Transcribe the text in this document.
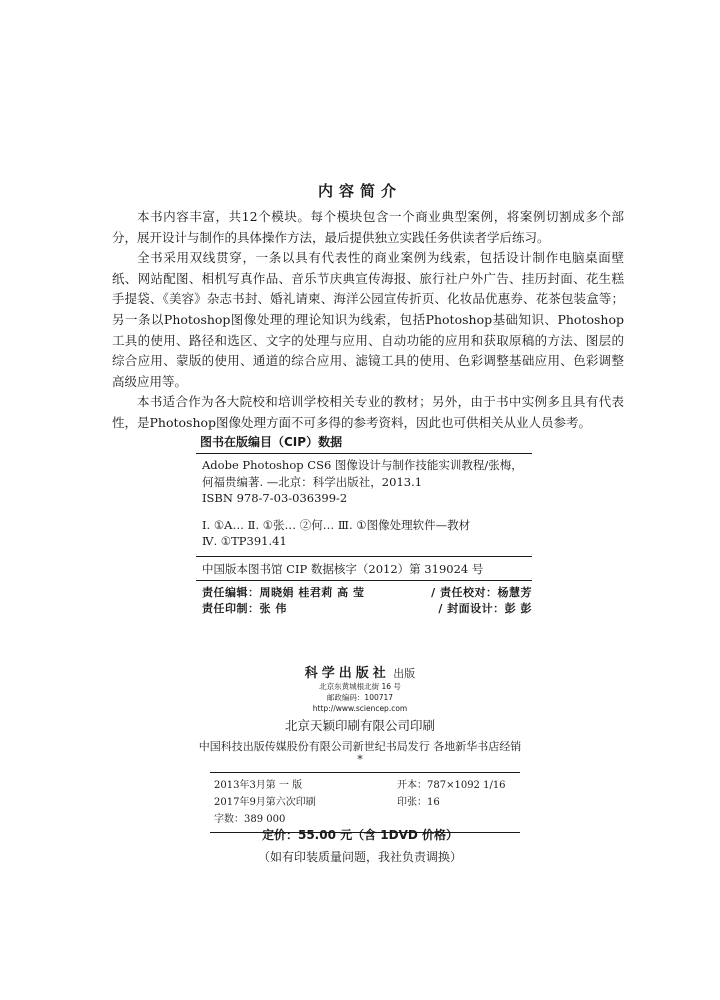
内容简介

本书内容丰富，共12个模块。每个模块包含一个商业典型案例，将案例切割成多个部分，展开设计与制作的具体操作方法，最后提供独立实践任务供读者学后练习。

全书采用双线贯穿，一条以具有代表性的商业案例为线索，包括设计制作电脑桌面壁纸、网站配图、相机写真作品、音乐节庆典宣传海报、旅行社户外广告、挂历封面、花生糕手提袋、《美容》杂志书封、婚礼请柬、海洋公园宣传折页、化妆品优惠券、花茶包装盒等；另一条以Photoshop图像处理的理论知识为线索，包括Photoshop基础知识、Photoshop工具的使用、路径和选区、文字的处理与应用、自动功能的应用和获取原稿的方法、图层的综合应用、蒙版的使用、通道的综合应用、滤镜工具的使用、色彩调整基础应用、色彩调整高级应用等。

本书适合作为各大院校和培训学校相关专业的教材；另外，由于书中实例多且具有代表性，是Photoshop图像处理方面不可多得的参考资料，因此也可供相关从业人员参考。

图书在版编目（CIP）数据
Adobe Photoshop CS6 图像设计与制作技能实训教程/张梅，
何福贵编著. —北京：科学出版社，2013.1
ISBN 978-7-03-036399-2
Ⅰ. ①A… Ⅱ. ①张… ②何… Ⅲ. ①图像处理软件—教材
Ⅳ. ①TP391.41
中国版本图书馆 CIP 数据核字（2012）第 319024 号
责任编辑：周晓娟 桂君莉 高 莹	/ 责任校对：杨慧芳
责任印制：张 伟	/ 封面设计：彭 彭
科学出版社 出版
北京东黄城根北街 16 号
邮政编码：100717
http://www.sciencep.com
北京天颖印刷有限公司印刷
中国科技出版传媒股份有限公司新世纪书局发行 各地新华书店经销
*
2013年3月第 一 版	开本：787×1092 1/16
2017年9月第六次印刷	印张：16
字数：389 000
定价：55.00 元（含 1DVD 价格）
（如有印装质量问题，我社负责调换）
